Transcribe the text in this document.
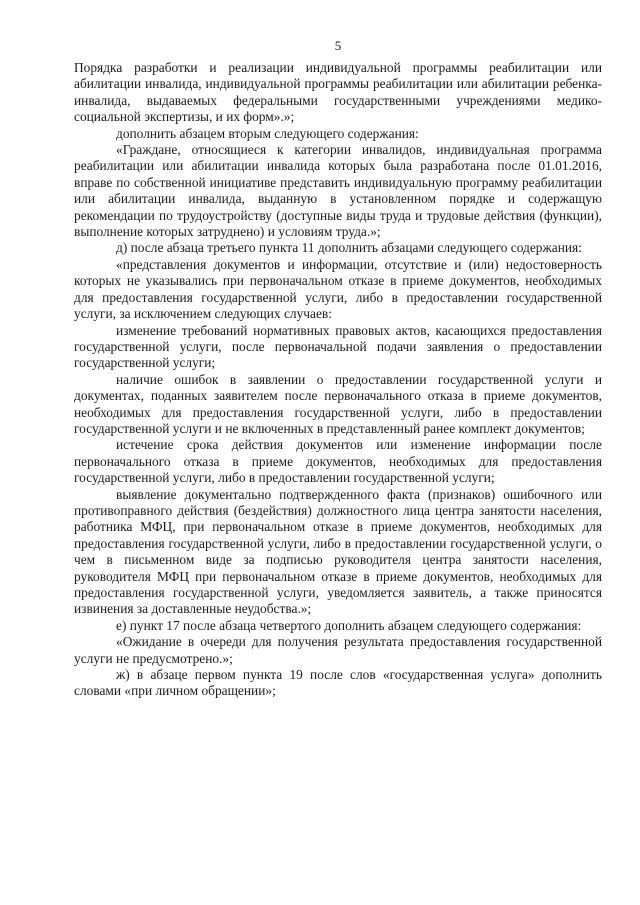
5

Порядка разработки и реализации индивидуальной программы реабилитации или абилитации инвалида, индивидуальной программы реабилитации или абилитации ребенка-инвалида, выдаваемых федеральными государственными учреждениями медико-социальной экспертизы, и их форм».»;

дополнить абзацем вторым следующего содержания:

«Граждане, относящиеся к категории инвалидов, индивидуальная программа реабилитации или абилитации инвалида которых была разработана после 01.01.2016, вправе по собственной инициативе представить индивидуальную программу реабилитации или абилитации инвалида, выданную в установленном порядке и содержащую рекомендации по трудоустройству (доступные виды труда и трудовые действия (функции), выполнение которых затруднено) и условиям труда.»;

д) после абзаца третьего пункта 11 дополнить абзацами следующего содержания:

«представления документов и информации, отсутствие и (или) недостоверность которых не указывались при первоначальном отказе в приеме документов, необходимых для предоставления государственной услуги, либо в предоставлении государственной услуги, за исключением следующих случаев:

изменение требований нормативных правовых актов, касающихся предоставления государственной услуги, после первоначальной подачи заявления о предоставлении государственной услуги;

наличие ошибок в заявлении о предоставлении государственной услуги и документах, поданных заявителем после первоначального отказа в приеме документов, необходимых для предоставления государственной услуги, либо в предоставлении государственной услуги и не включенных в представленный ранее комплект документов;

истечение срока действия документов или изменение информации после первоначального отказа в приеме документов, необходимых для предоставления государственной услуги, либо в предоставлении государственной услуги;

выявление документально подтвержденного факта (признаков) ошибочного или противоправного действия (бездействия) должностного лица центра занятости населения, работника МФЦ, при первоначальном отказе в приеме документов, необходимых для предоставления государственной услуги, либо в предоставлении государственной услуги, о чем в письменном виде за подписью руководителя центра занятости населения, руководителя МФЦ при первоначальном отказе в приеме документов, необходимых для предоставления государственной услуги, уведомляется заявитель, а также приносятся извинения за доставленные неудобства.»;

е) пункт 17 после абзаца четвертого дополнить абзацем следующего содержания:

«Ожидание в очереди для получения результата предоставления государственной услуги не предусмотрено.»;

ж) в абзаце первом пункта 19 после слов «государственная услуга» дополнить словами «при личном обращении»;
